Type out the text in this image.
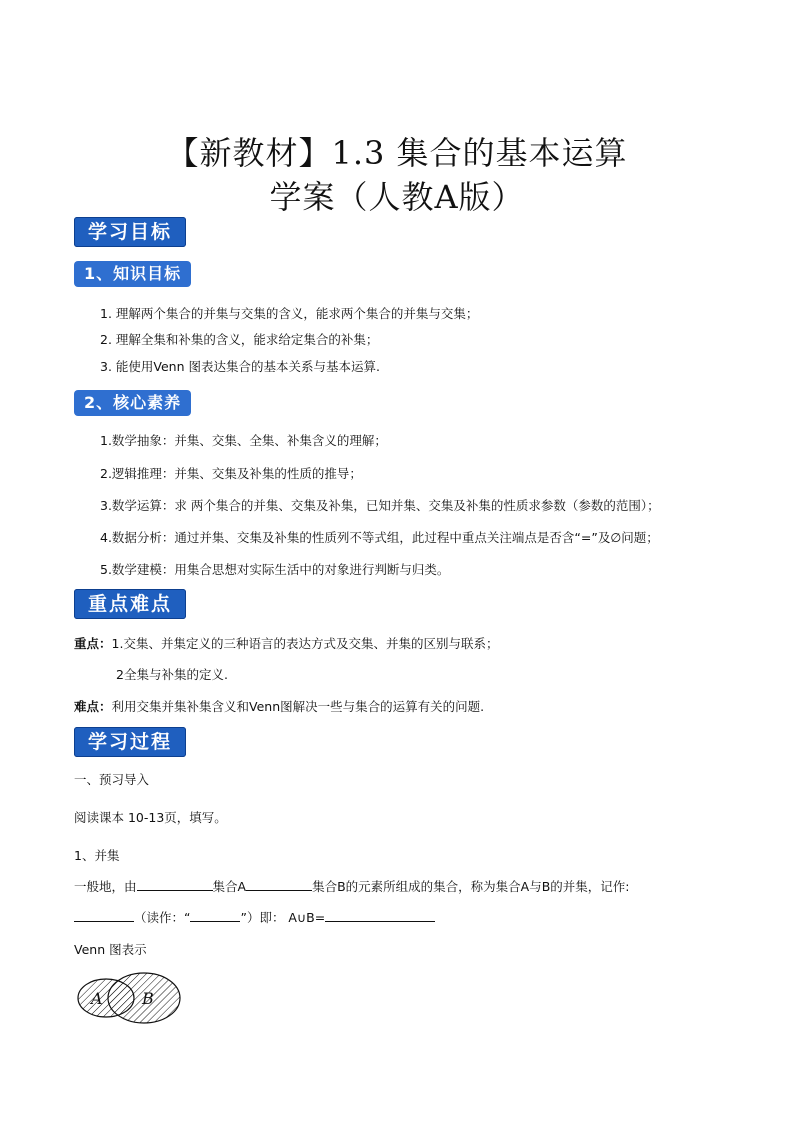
【新教材】1.3 集合的基本运算
学案（人教A版）
学习目标
1、知识目标
1. 理解两个集合的并集与交集的含义，能求两个集合的并集与交集；
2. 理解全集和补集的含义，能求给定集合的补集；
3. 能使用Venn 图表达集合的基本关系与基本运算.
2、核心素养
1.数学抽象：并集、交集、全集、补集含义的理解；
2.逻辑推理：并集、交集及补集的性质的推导；
3.数学运算：求 两个集合的并集、交集及补集，已知并集、交集及补集的性质求参数（参数的范围）；
4.数据分析：通过并集、交集及补集的性质列不等式组，此过程中重点关注端点是否含“=”及∅问题；
5.数学建模：用集合思想对实际生活中的对象进行判断与归类。
重点难点
重点：1.交集、并集定义的三种语言的表达方式及交集、并集的区别与联系；
2全集与补集的定义.
难点：利用交集并集补集含义和Venn图解决一些与集合的运算有关的问题.
学习过程
一、预习导入
阅读课本 10-13页，填写。
1、并集
一般地，由	集合A	集合B的元素所组成的集合，称为集合A与B的并集，记作:
（读作：“	”）即： A∪B=
Venn 图表示
A B
